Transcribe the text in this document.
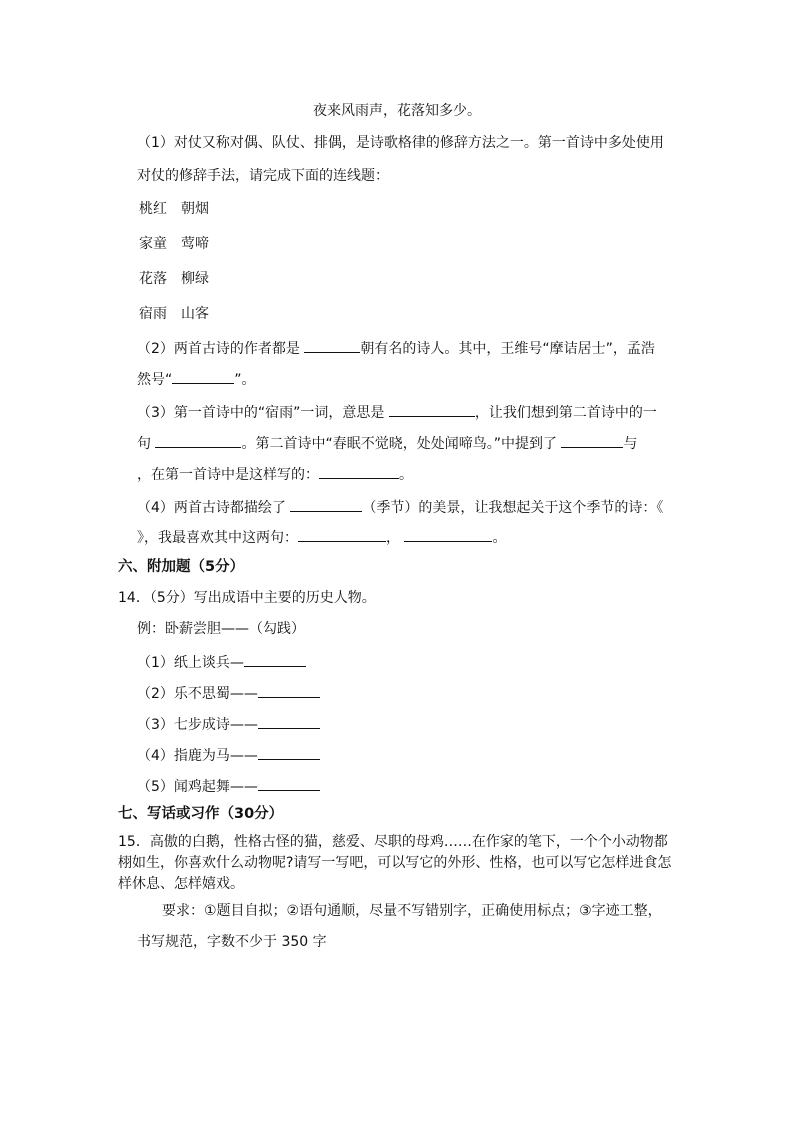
夜来风雨声，花落知多少。
（1）对仗又称对偶、队仗、排偶，是诗歌格律的修辞方法之一。第一首诗中多处使用
对仗的修辞手法，请完成下面的连线题：
桃红 朝烟
家童 莺啼
花落 柳绿
宿雨 山客
（2）两首古诗的作者都是	朝有名的诗人。其中，王维号“摩诘居士”，孟浩
然号“	”。
（3）第一首诗中的“宿雨”一词，意思是	，让我们想到第二首诗中的一
句	。第二首诗中“春眠不觉晓，处处闻啼鸟。”中提到了	与
，在第一首诗中是这样写的：	。
（4）两首古诗都描绘了	（季节）的美景，让我想起关于这个季节的诗：《
》，我最喜欢其中这两句：	，	。
六、附加题（5分）
14．（5分）写出成语中主要的历史人物。
例：卧薪尝胆——（勾践）
（1）纸上谈兵—
（2）乐不思蜀——
（3）七步成诗——
（4）指鹿为马——
（5）闻鸡起舞——
七、写话或习作（30分）
15．高傲的白鹅，性格古怪的猫，慈爱、尽职的母鸡……在作家的笔下，一个个小动物都
栩如生，你喜欢什么动物呢?请写一写吧，可以写它的外形、性格，也可以写它怎样进食怎
样休息、怎样嬉戏。
要求：①题目自拟；②语句通顺，尽量不写错别字，正确使用标点；③字迹工整，
书写规范，字数不少于 350 字
